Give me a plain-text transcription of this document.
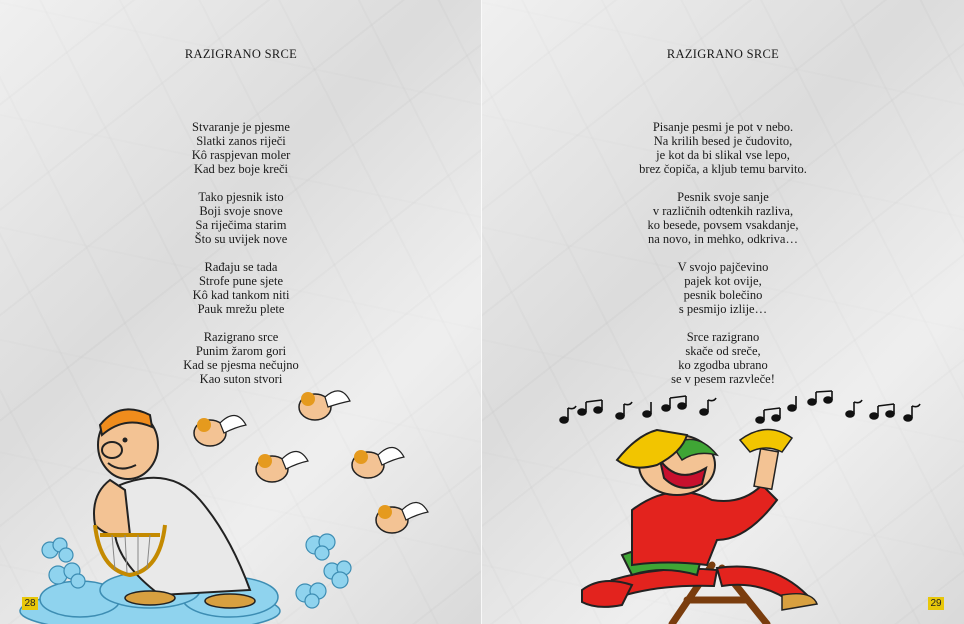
RAZIGRANO SRCE
Stvaranje je pjesme
Slatki zanos riječi
Kô raspjevan moler
Kad bez boje kreči
Tako pjesnik isto
Boji svoje snove
Sa riječima starim
Što su uvijek nove
Rađaju se tada
Strofe pune sjete
Kô kad tankom niti
Pauk mrežu plete
Razigrano srce
Punim žarom gori
Kad se pjesma nečujno
Kao suton stvori
28
RAZIGRANO SRCE
Pisanje pesmi je pot v nebo.
Na krilih besed je čudovito,
je kot da bi slikal vse lepo,
brez čopiča, a kljub temu barvito.
Pesnik svoje sanje
v različnih odtenkih razliva,
ko besede, povsem vsakdanje,
na novo, in mehko, odkriva…
V svojo pajčevino
pajek kot ovije,
pesnik bolečino
s pesmijo izlije…
Srce razigrano
skače od sreče,
ko zgodba ubrano
se v pesem razvleče!
29
